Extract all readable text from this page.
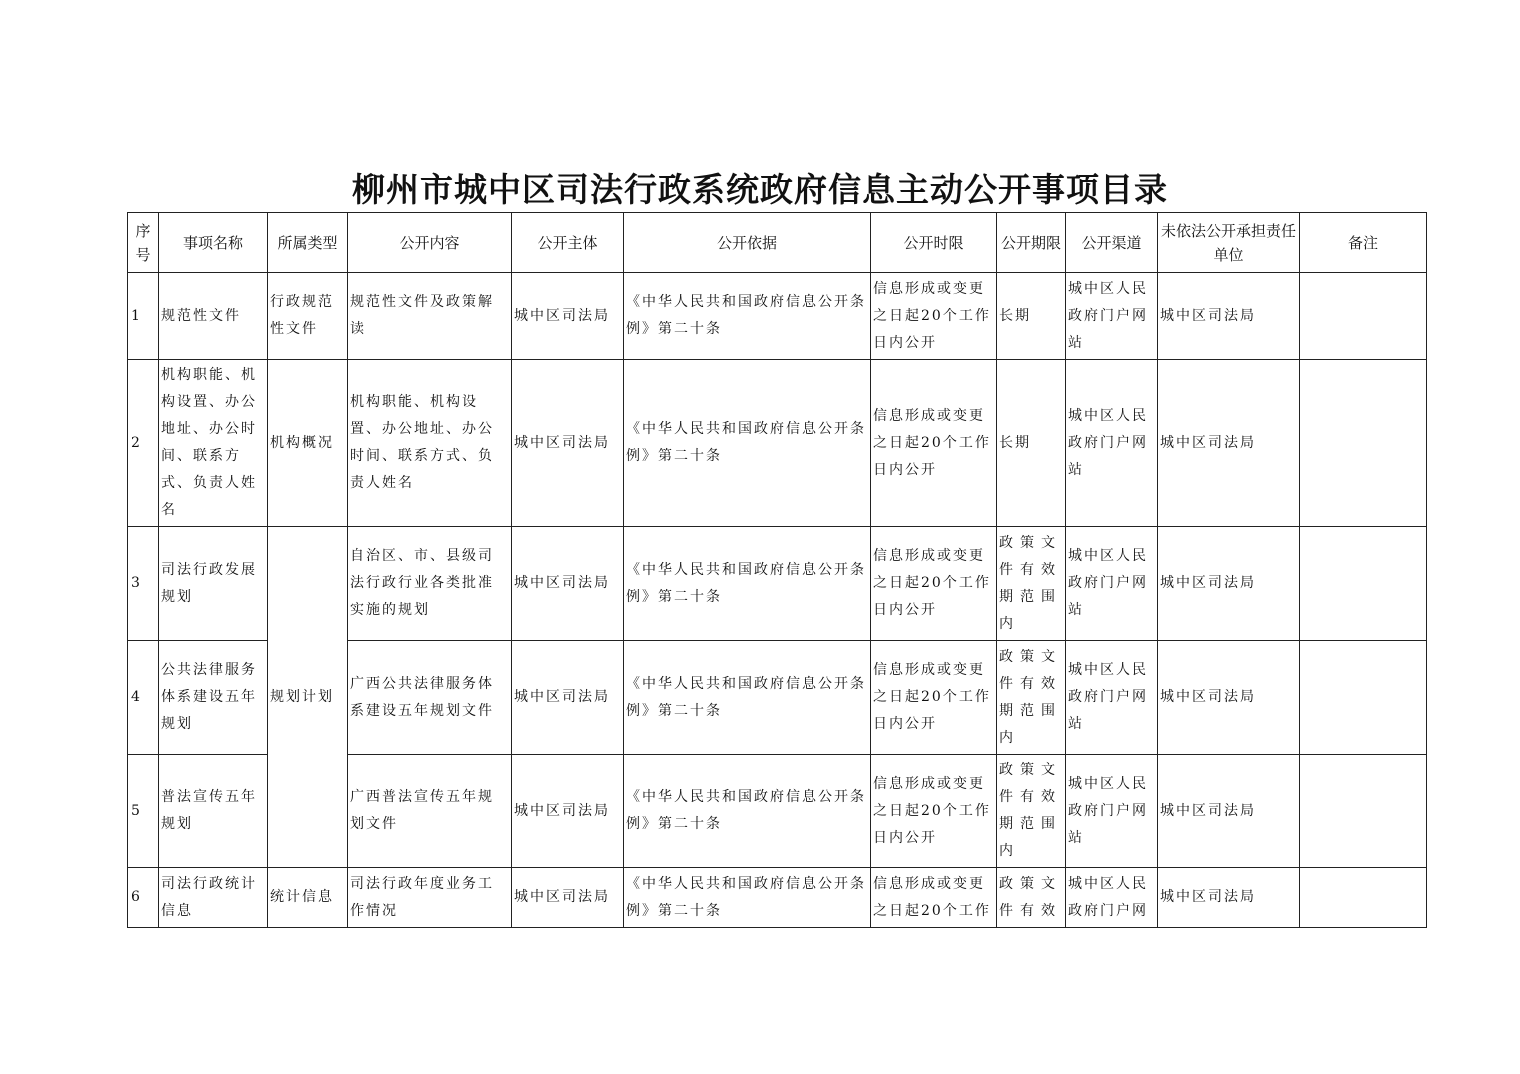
柳州市城中区司法行政系统政府信息主动公开事项目录
序号	事项名称	所属类型	公开内容	公开主体	公开依据	公开时限	公开期限	公开渠道	未依法公开承担责任单位	备注
1	规范性文件	行政规范性文件	规范性文件及政策解读	城中区司法局	《中华人民共和国政府信息公开条例》第二十条	信息形成或变更之日起20个工作日内公开	长期	城中区人民政府门户网站	城中区司法局	
2	机构职能、机构设置、办公地址、办公时间、联系方式、负责人姓名	机构概况	机构职能、机构设置、办公地址、办公时间、联系方式、负责人姓名	城中区司法局	《中华人民共和国政府信息公开条例》第二十条	信息形成或变更之日起20个工作日内公开	长期	城中区人民政府门户网站	城中区司法局	
3	司法行政发展规划	规划计划	自治区、市、县级司法行政行业各类批准实施的规划	城中区司法局	《中华人民共和国政府信息公开条例》第二十条	信息形成或变更之日起20个工作日内公开	政策文件有效期范围内	城中区人民政府门户网站	城中区司法局	
4	公共法律服务体系建设五年规划		广西公共法律服务体系建设五年规划文件	城中区司法局	《中华人民共和国政府信息公开条例》第二十条	信息形成或变更之日起20个工作日内公开	政策文件有效期范围内	城中区人民政府门户网站	城中区司法局	
5	普法宣传五年规划		广西普法宣传五年规划文件	城中区司法局	《中华人民共和国政府信息公开条例》第二十条	信息形成或变更之日起20个工作日内公开	政策文件有效期范围内	城中区人民政府门户网站	城中区司法局	
6	司法行政统计信息	统计信息	司法行政年度业务工作情况	城中区司法局	《中华人民共和国政府信息公开条例》第二十条	信息形成或变更之日起20个工作	政策文件有效	城中区人民政府门户网	城中区司法局	
